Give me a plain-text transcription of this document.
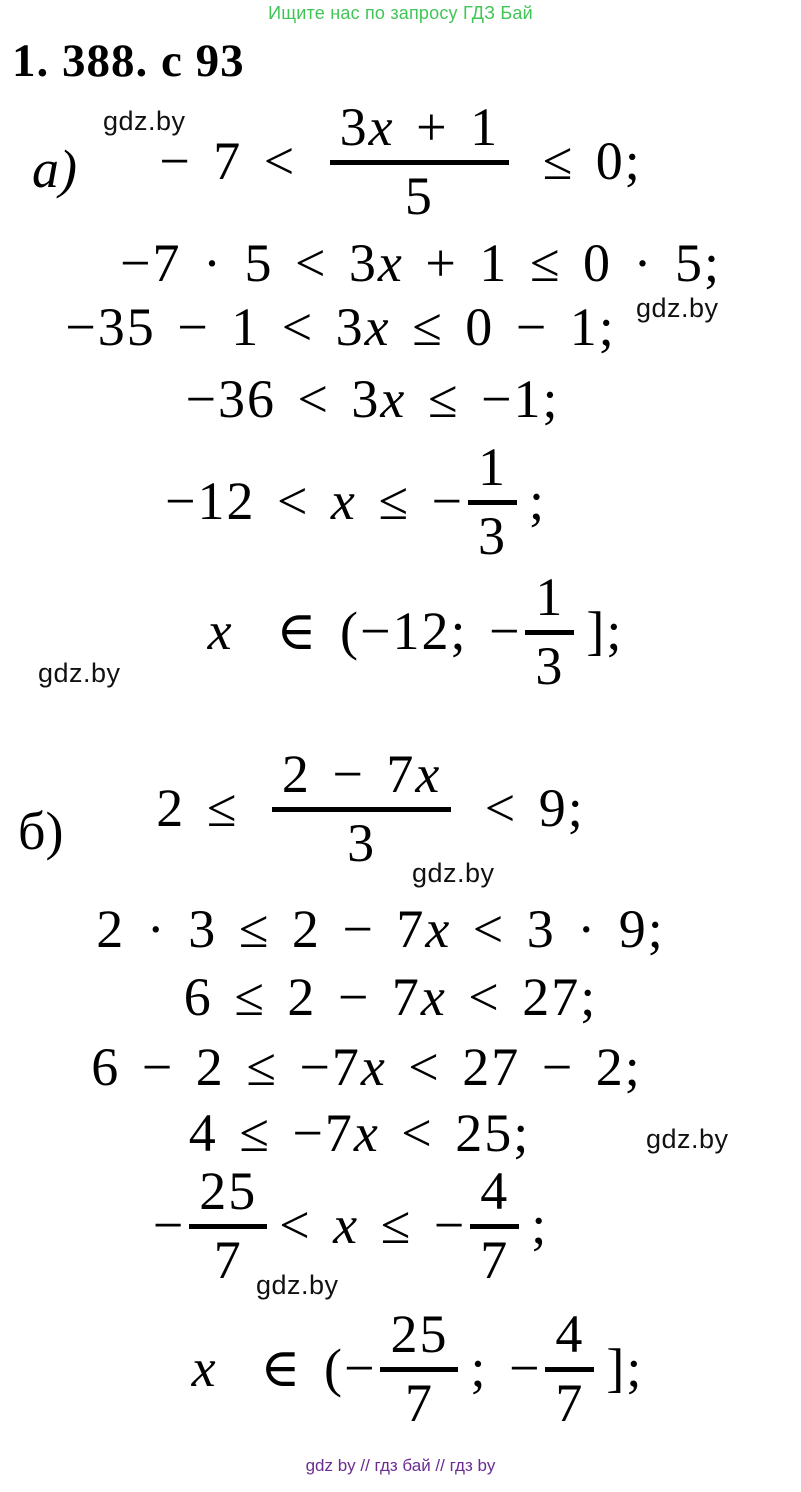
Ищите нас по запросу ГДЗ Бай
1. 388. с 93
а)
gdz.by
− $7 < \frac{3 x + 1}{5} \le 0$;
−7 · 5 < 3 x + 1 ≤ 0 · 5;
−35 − 1 < 3 x ≤ 0 − 1; gdz.by
−36 < 3 x ≤ −1;
−12 < x ≤ − $\frac{1}{3}$ ;
x ∈ (−12; − $\frac{1}{3}$ ];
gdz.by
б) $2 \le \frac{2 - 7 x}{3} < 9$;
gdz.by
2 · 3 ≤ 2 − 7 x < 3 · 9;
6 ≤ 2 − 7 x < 27;
6 − 2 ≤ −7 x < 27 − 2;
4 ≤ −7 x < 25;	gdz.by
− $\frac{25}{7} < x$ ≤ − $\frac{4}{7}$ ;
gdz.by
x ∈ (− $\frac{25}{7}$ ; − $\frac{4}{7}$ ];
gdz by // гдз бай // гдз by
